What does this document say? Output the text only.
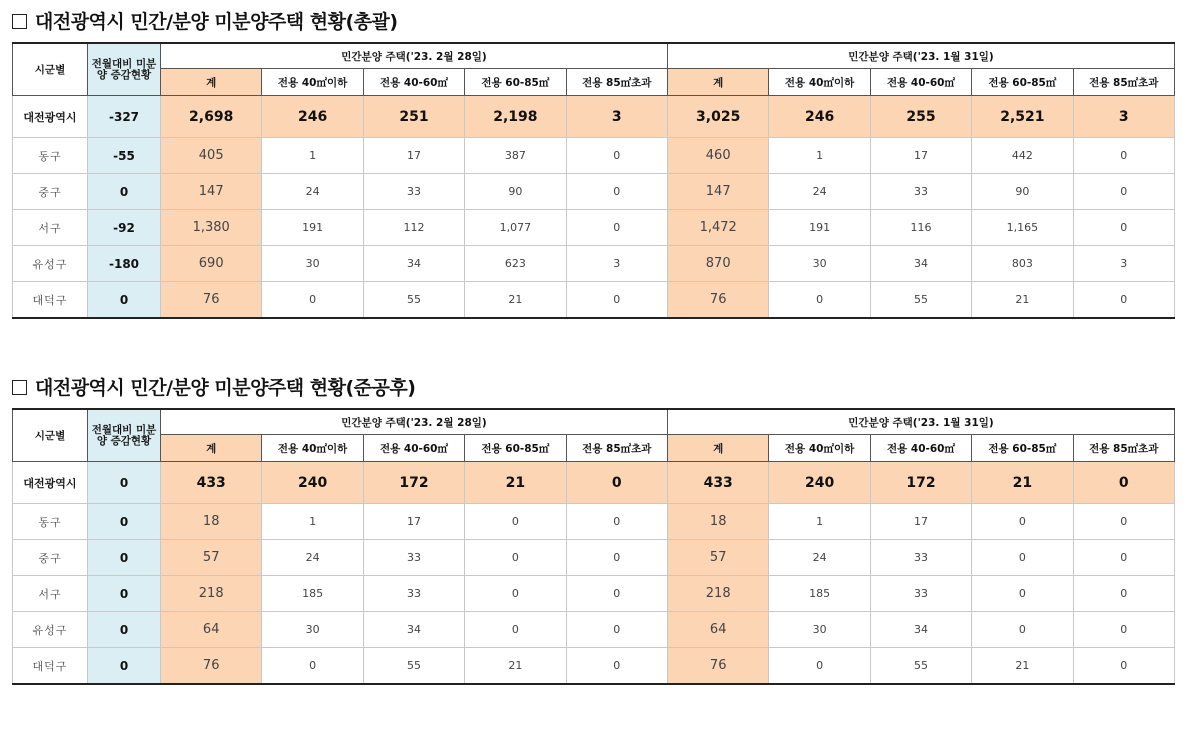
대전광역시 민간/분양 미분양주택 현황(총괄)
시군별	전월대비 미분양 증감현황	민간분양 주택('23. 2월 28일)					민간분양 주택('23. 1월 31일)				
		계	전용 40㎡이하	전용 40-60㎡	전용 60-85㎡	전용 85㎡초과	계	전용 40㎡이하	전용 40-60㎡	전용 60-85㎡	전용 85㎡초과
대전광역시	-327	2,698	246	251	2,198	3	3,025	246	255	2,521	3
동구	-55	405	1	17	387	0	460	1	17	442	0
중구	0	147	24	33	90	0	147	24	33	90	0
서구	-92	1,380	191	112	1,077	0	1,472	191	116	1,165	0
유성구	-180	690	30	34	623	3	870	30	34	803	3
대덕구	0	76	0	55	21	0	76	0	55	21	0
대전광역시 민간/분양 미분양주택 현황(준공후)
시군별	전월대비 미분양 증감현황	민간분양 주택('23. 2월 28일)					민간분양 주택('23. 1월 31일)				
		계	전용 40㎡이하	전용 40-60㎡	전용 60-85㎡	전용 85㎡초과	계	전용 40㎡이하	전용 40-60㎡	전용 60-85㎡	전용 85㎡초과
대전광역시	0	433	240	172	21	0	433	240	172	21	0
동구	0	18	1	17	0	0	18	1	17	0	0
중구	0	57	24	33	0	0	57	24	33	0	0
서구	0	218	185	33	0	0	218	185	33	0	0
유성구	0	64	30	34	0	0	64	30	34	0	0
대덕구	0	76	0	55	21	0	76	0	55	21	0
